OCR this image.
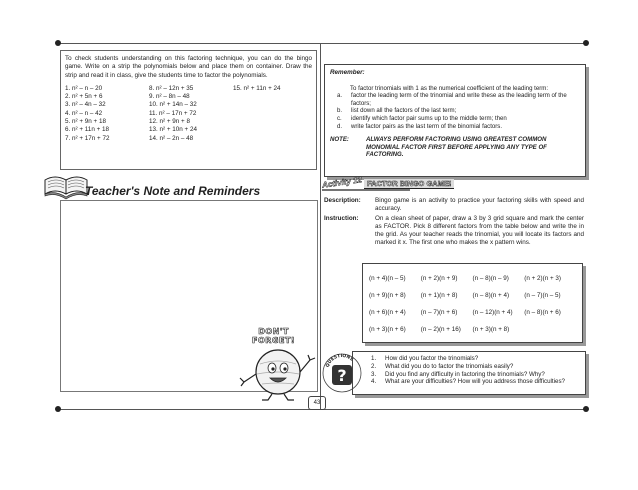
To check students understanding on this factoring technique, you can do the bingo game. Write on a strip the polynomials below and place them on container. Draw the strip and read it in class, give the students time to factor the polynomials.
1. n² – n – 20
2. n² + 5n + 6
3. n² – 4n – 32
4. n² – n – 42
5. n² + 9n + 18
6. n² + 11n + 18
7. n² + 17n + 72
8. n² – 12n + 35
9. n² – 8n – 48
10. n² + 14n – 32
11. n² – 17n + 72
12. n² + 9n + 8
13. n² + 10n + 24
14. n² – 2n – 48
15. n² + 11n + 24
Teacher's Note and Reminders
DON'T
FORGET!
Remember:
To factor trinomials with 1 as the numerical coefficient of the leading term:
a.	factor the leading term of the trinomial and write these as the leading term of the factors;
b.	list down all the factors of the last term;
c.	identify which factor pair sums up to the middle term; then
d.	write factor pairs as the last term of the binomial factors.
NOTE:	ALWAYS PERFORM FACTORING USING GREATEST COMMON MONOMIAL FACTOR FIRST BEFORE APPLYING ANY TYPE OF FACTORING.
Activity 12 FACTOR BINGO GAME!
Description:	Bingo game is an activity to practice your factoring skills with speed and accuracy.
Instruction:	On a clean sheet of paper, draw a 3 by 3 grid square and mark the center as FACTOR. Pick 8 different factors from the table below and write the in the grid. As your teacher reads the trinomial, you will locate its factors and marked it x. The first one who makes the x pattern wins.
(n + 4)(n – 5)	(n + 2)(n + 9)	(n – 8)(n – 9)	(n + 2)(n + 3)
(n + 9)(n + 8)	(n + 1)(n + 8)	(n – 8)(n + 4)	(n – 7)(n – 5)
(n + 6)(n + 4)	(n – 7)(n + 6)	(n – 12)(n + 4)	(n – 8)(n + 6)
(n + 3)(n + 6)	(n – 2)(n + 16)	(n + 3)(n + 8)
?
QUESTIONS	1.	How did you factor the trinomials?
2.	What did you do to factor the trinomials easily?
3.	Did you find any difficulty in factoring the trinomials? Why?
4.	What are your difficulties? How will you address those difficulties?
43
